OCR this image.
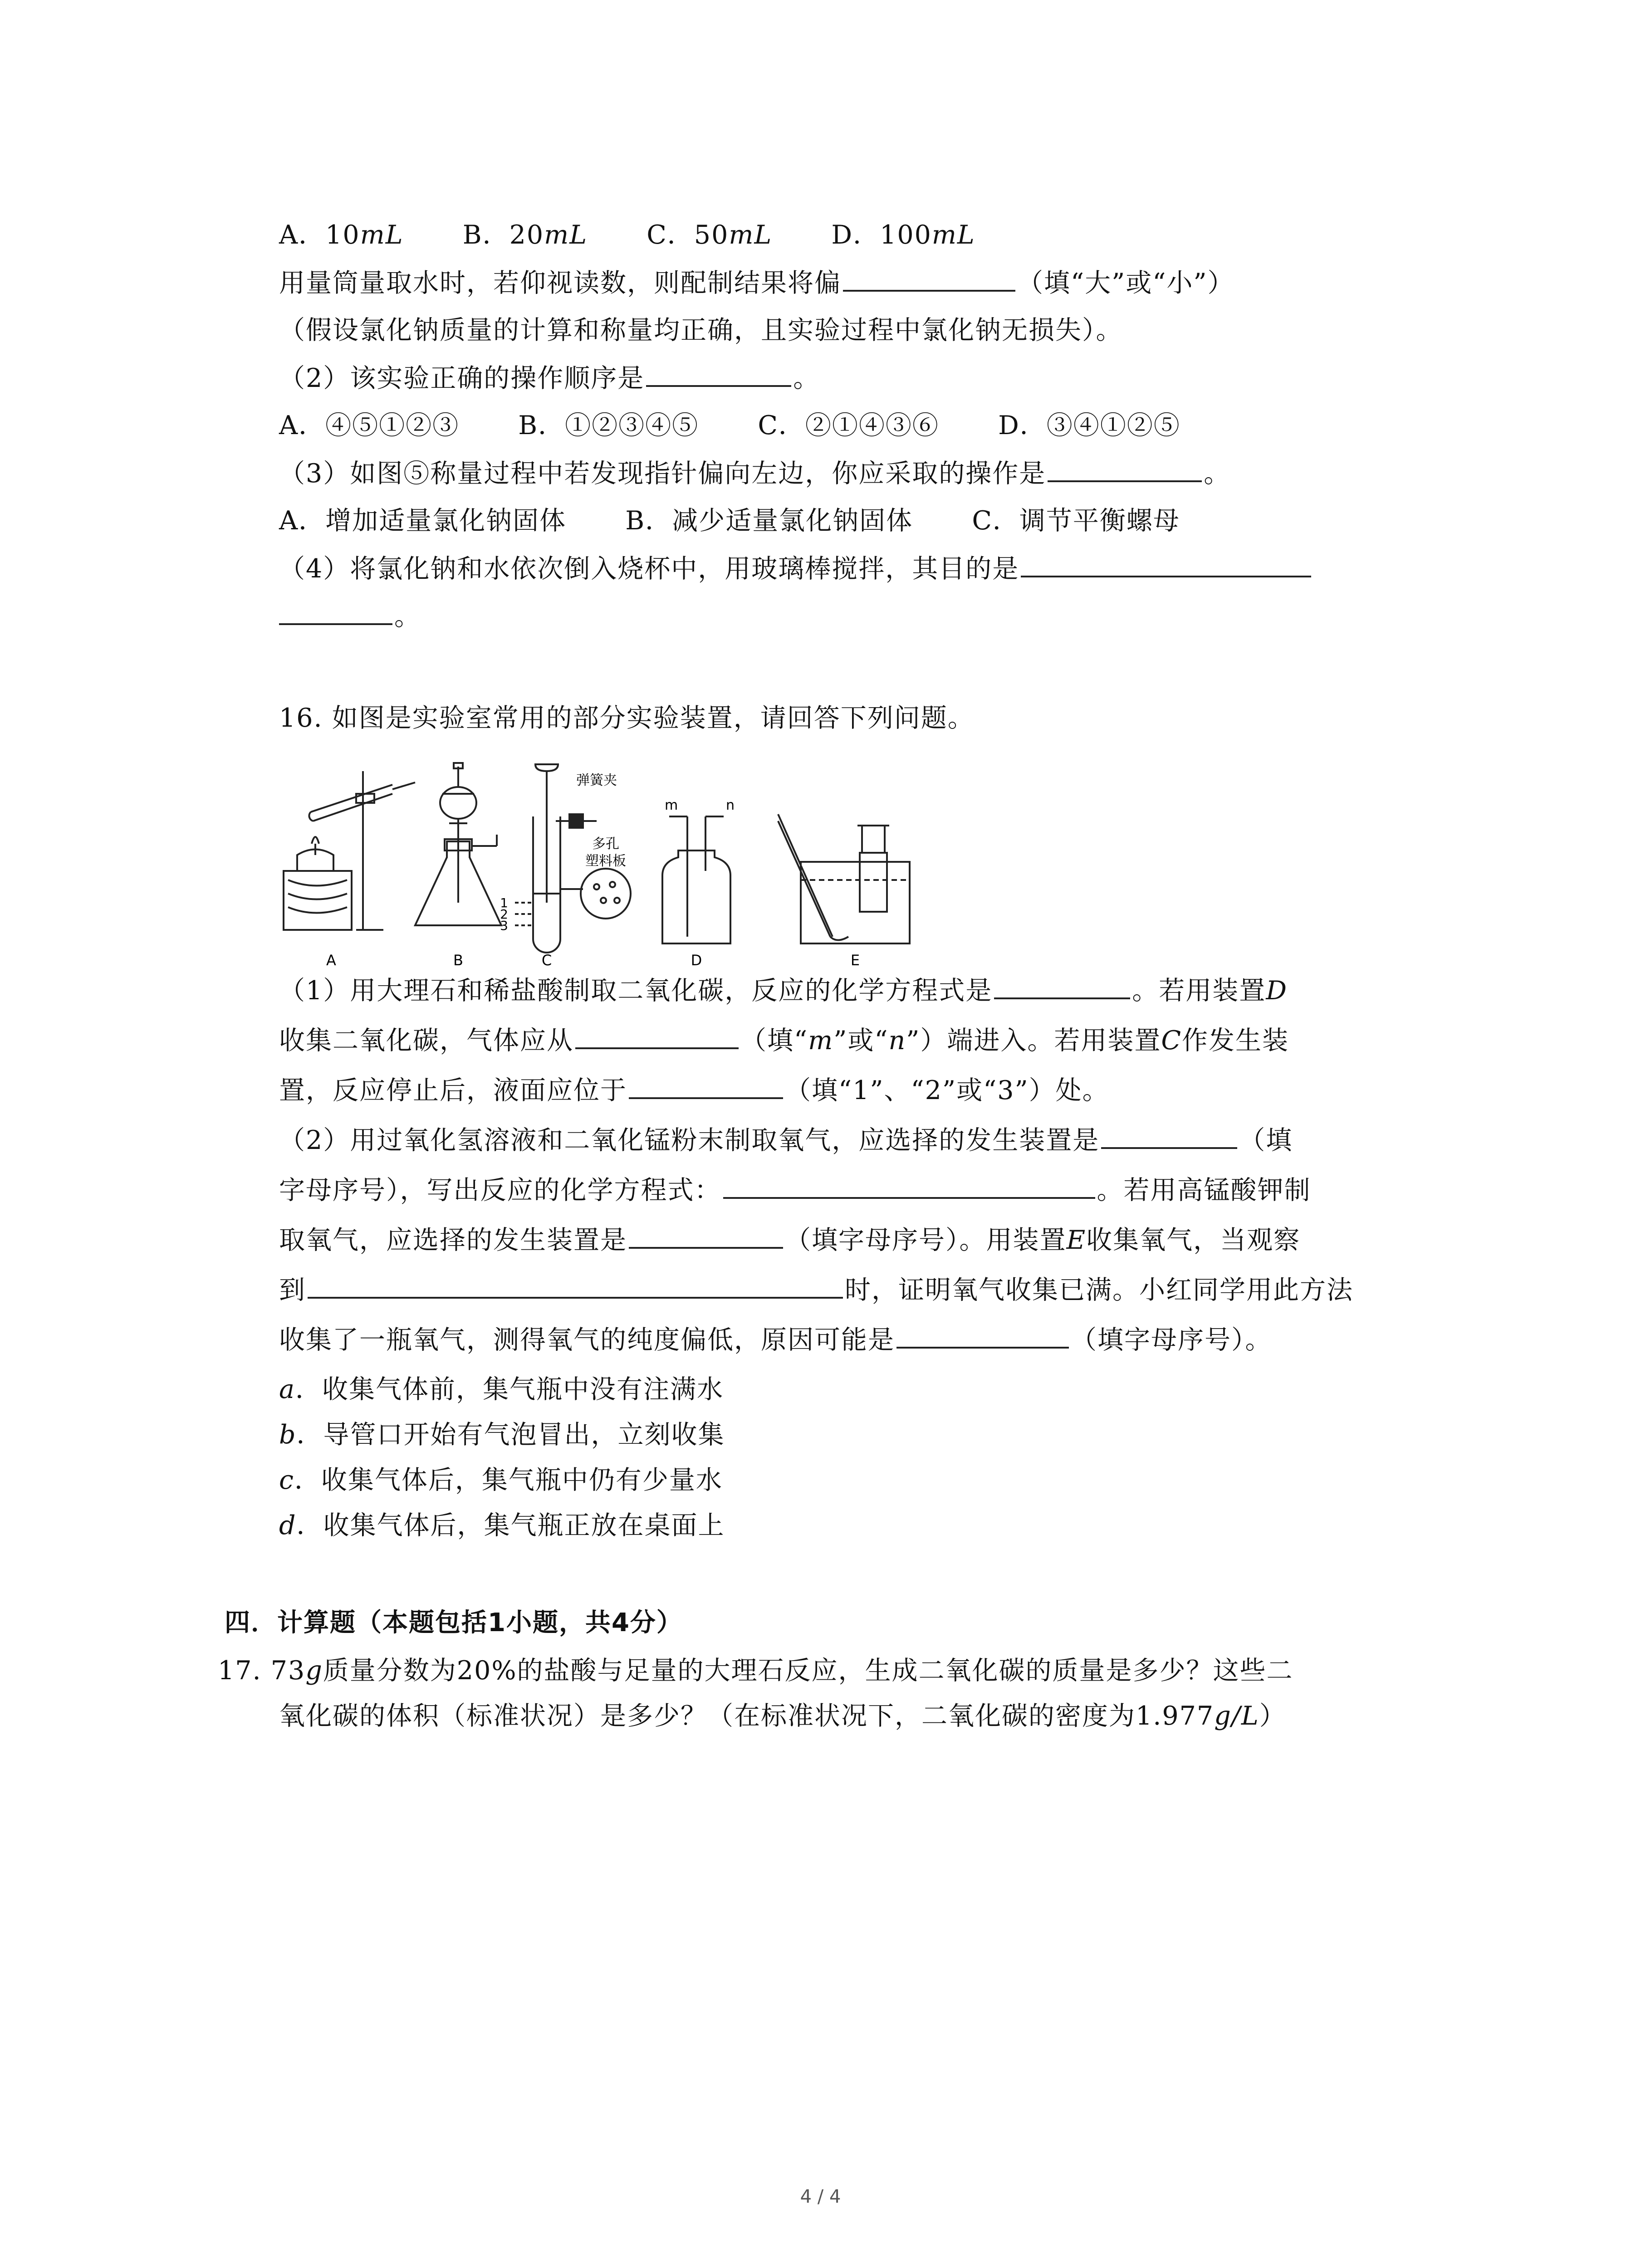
A．10mL B．20mL C．50mL D．100mL
用量筒量取水时，若仰视读数，则配制结果将偏	（填“大”或“小”）
（假设氯化钠质量的计算和称量均正确，且实验过程中氯化钠无损失）。
（2）该实验正确的操作顺序是	。
A．④⑤①②③ B．①②③④⑤ C．②①④③⑥ D．③④①②⑤
（3）如图⑤称量过程中若发现指针偏向左边，你应采取的操作是	。
A．增加适量氯化钠固体 B．减少适量氯化钠固体 C．调节平衡螺母
（4）将氯化钠和水依次倒入烧杯中，用玻璃棒搅拌，其目的是
。
16. 如图是实验室常用的部分实验装置，请回答下列问题。
弹簧夹
多孔
塑料板
m	n
1
2
3
A	B	C	D	E
（1）用大理石和稀盐酸制取二氧化碳，反应的化学方程式是	。若用装置D
收集二氧化碳，气体应从	（填“m”或“n”）端进入。若用装置C作发生装
置，反应停止后，液面应位于	（填“1”、“2”或“3”）处。
（2）用过氧化氢溶液和二氧化锰粉末制取氧气，应选择的发生装置是	（填
字母序号），写出反应的化学方程式：	。若用高锰酸钾制
取氧气，应选择的发生装置是	（填字母序号）。用装置E收集氧气，当观察
到	时，证明氧气收集已满。小红同学用此方法
收集了一瓶氧气，测得氧气的纯度偏低，原因可能是	（填字母序号）。
a．收集气体前，集气瓶中没有注满水
b．导管口开始有气泡冒出，立刻收集
c．收集气体后，集气瓶中仍有少量水
d．收集气体后，集气瓶正放在桌面上
四．计算题（本题包括1小题，共4分）
17. 73g质量分数为20%的盐酸与足量的大理石反应，生成二氧化碳的质量是多少？这些二
氧化碳的体积（标准状况）是多少？（在标准状况下，二氧化碳的密度为1.977g/L）
4 / 4
